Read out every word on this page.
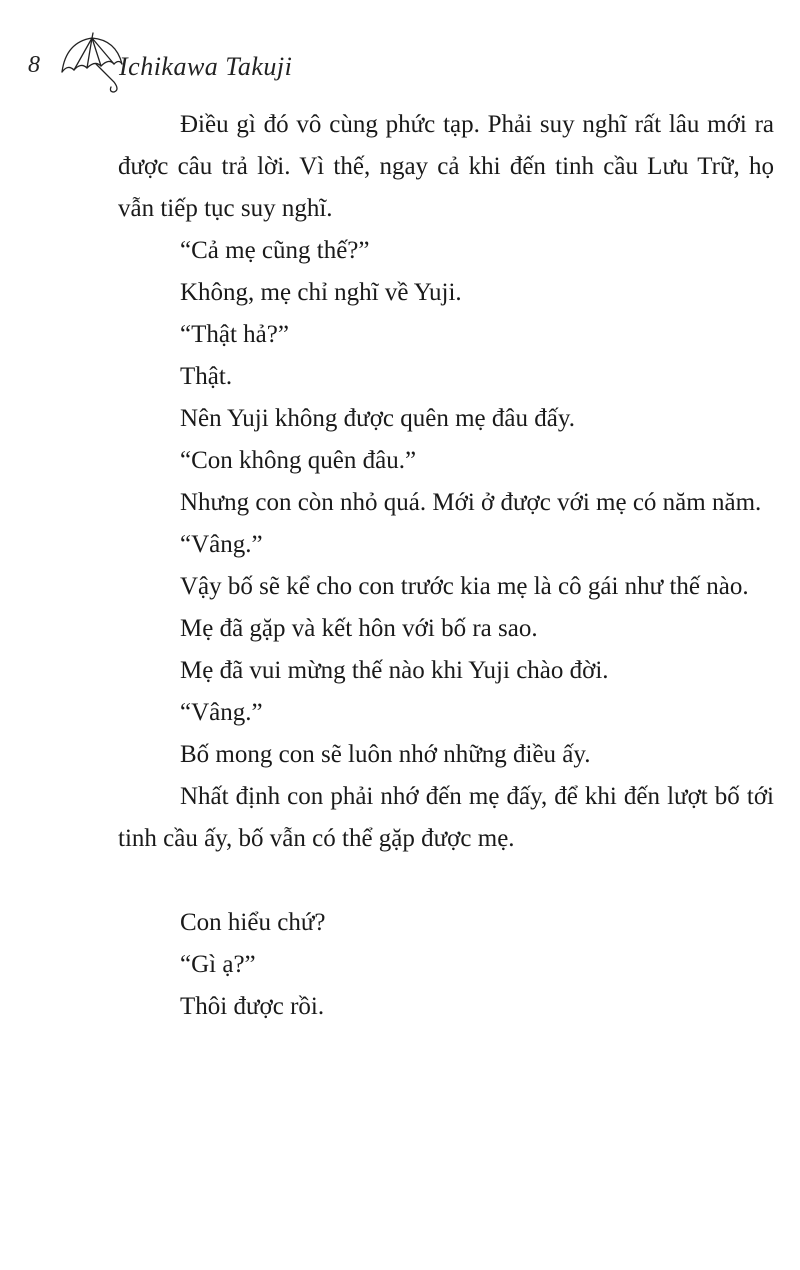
8	Ichikawa Takuji

Điều gì đó vô cùng phức tạp. Phải suy nghĩ rất lâu mới ra được câu trả lời. Vì thế, ngay cả khi đến tinh cầu Lưu Trữ, họ vẫn tiếp tục suy nghĩ.

“Cả mẹ cũng thế?”

Không, mẹ chỉ nghĩ về Yuji.

“Thật hả?”

Thật.

Nên Yuji không được quên mẹ đâu đấy.

“Con không quên đâu.”

Nhưng con còn nhỏ quá. Mới ở được với mẹ có năm năm.

“Vâng.”

Vậy bố sẽ kể cho con trước kia mẹ là cô gái như thế nào.

Mẹ đã gặp và kết hôn với bố ra sao.

Mẹ đã vui mừng thế nào khi Yuji chào đời.

“Vâng.”

Bố mong con sẽ luôn nhớ những điều ấy.

Nhất định con phải nhớ đến mẹ đấy, để khi đến lượt bố tới tinh cầu ấy, bố vẫn có thể gặp được mẹ.

Con hiểu chứ?

“Gì ạ?”

Thôi được rồi.
